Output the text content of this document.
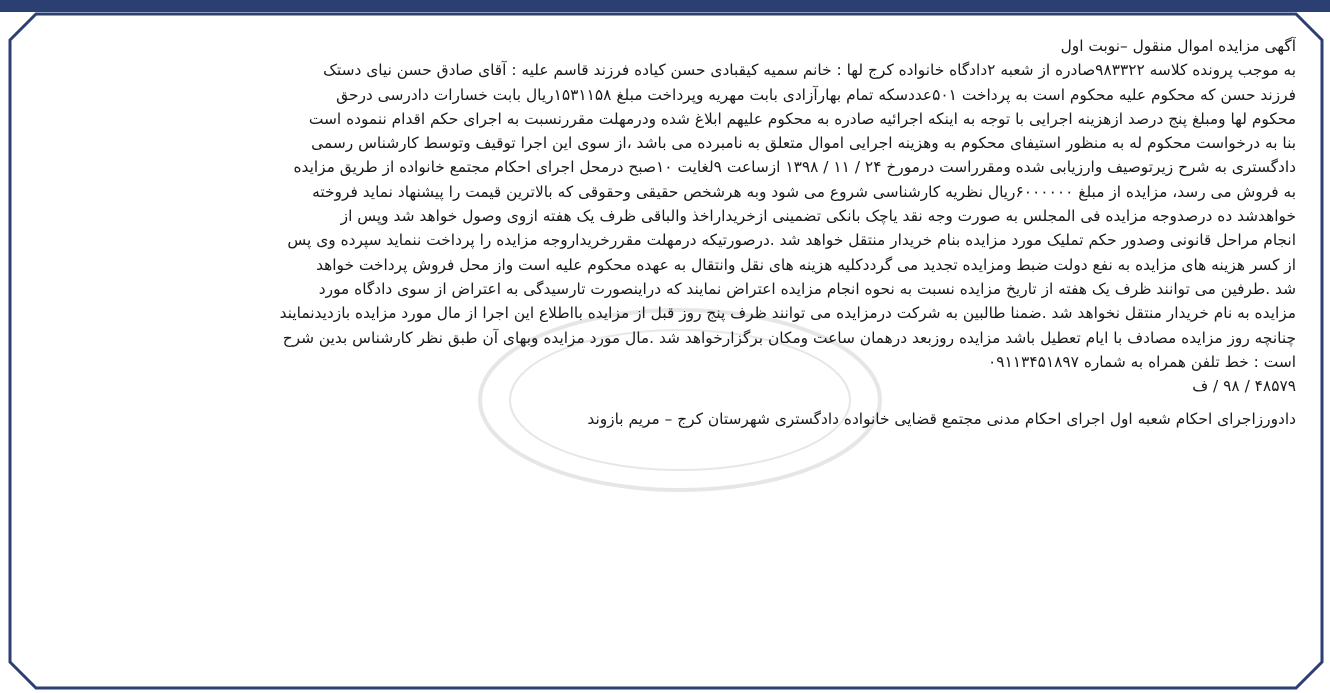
آگهی مزایده اموال منقول –نوبت اول
به موجب پرونده کلاسه ۹۸۳۳۲۲صادره از شعبه ۲دادگاه خانواده کرج لها : خانم سمیه کیقبادی حسن کیاده فرزند قاسم علیه : آقای صادق حسن نیای دستک
فرزند حسن که محکوم علیه محکوم است به پرداخت ۵۰۱عددسکه تمام بهارآزادی بابت مهریه وپرداخت مبلغ ۱۵۳۱۱۵۸ریال بابت خسارات دادرسی درحق
محکوم لها ومبلغ پنج درصد ازهزینه اجرایی با توجه به اینکه اجرائیه صادره به محکوم علیهم ابلاغ شده ودرمهلت مقررنسبت به اجرای حکم اقدام ننموده است
بنا به درخواست محکوم له به منظور استیفای محکوم به وهزینه اجرایی اموال متعلق به نامبرده می باشد ،از سوی این اجرا توقیف وتوسط کارشناس رسمی
دادگستری به شرح زیرتوصیف وارزیابی شده ومقرراست درمورخ ۲۴ / ۱۱ / ۱۳۹۸ ازساعت ۹لغایت ۱۰صبح درمحل اجرای احکام مجتمع خانواده از طریق مزایده
به فروش می رسد، مزایده از مبلغ ۶۰۰۰۰۰۰ریال نظریه کارشناسی شروع می شود وبه هرشخص حقیقی وحقوقی که بالاترین قیمت را پیشنهاد نماید فروخته
خواهدشد ده درصدوجه مزایده فی المجلس به صورت وجه نقد یاچک بانکی تضمینی ازخریداراخذ والباقی ظرف یک هفته ازوی وصول خواهد شد وپس از
انجام مراحل قانونی وصدور حکم تملیک مورد مزایده بنام خریدار منتقل خواهد شد .درصورتیکه درمهلت مقررخریداروجه مزایده را پرداخت ننماید سپرده وی پس
از کسر هزینه های مزایده به نفع دولت ضبط ومزایده تجدید می گرددکلیه هزینه های نقل وانتقال به عهده محکوم علیه است واز محل فروش پرداخت خواهد
شد .طرفین می توانند ظرف یک هفته از تاریخ مزایده نسبت به نحوه انجام مزایده اعتراض نمایند که دراینصورت تارسیدگی به اعتراض از سوی دادگاه مورد
مزایده به نام خریدار منتقل نخواهد شد .ضمنا طالبین به شرکت درمزایده می توانند ظرف پنج روز قبل از مزایده بااطلاع این اجرا از مال مورد مزایده بازدیدنمایند
چنانچه روز مزایده مصادف با ایام تعطیل باشد مزایده روزبعد درهمان ساعت ومکان برگزارخواهد شد .مال مورد مزایده وبهای آن طبق نظر کارشناس بدین شرح
است : خط تلفن همراه به شماره ۰۹۱۱۳۴۵۱۸۹۷
۴۸۵۷۹ / ۹۸ / ف
دادورزاجرای احکام شعبه اول اجرای احکام مدنی مجتمع قضایی خانواده دادگستری شهرستان کرج – مریم بازوند
